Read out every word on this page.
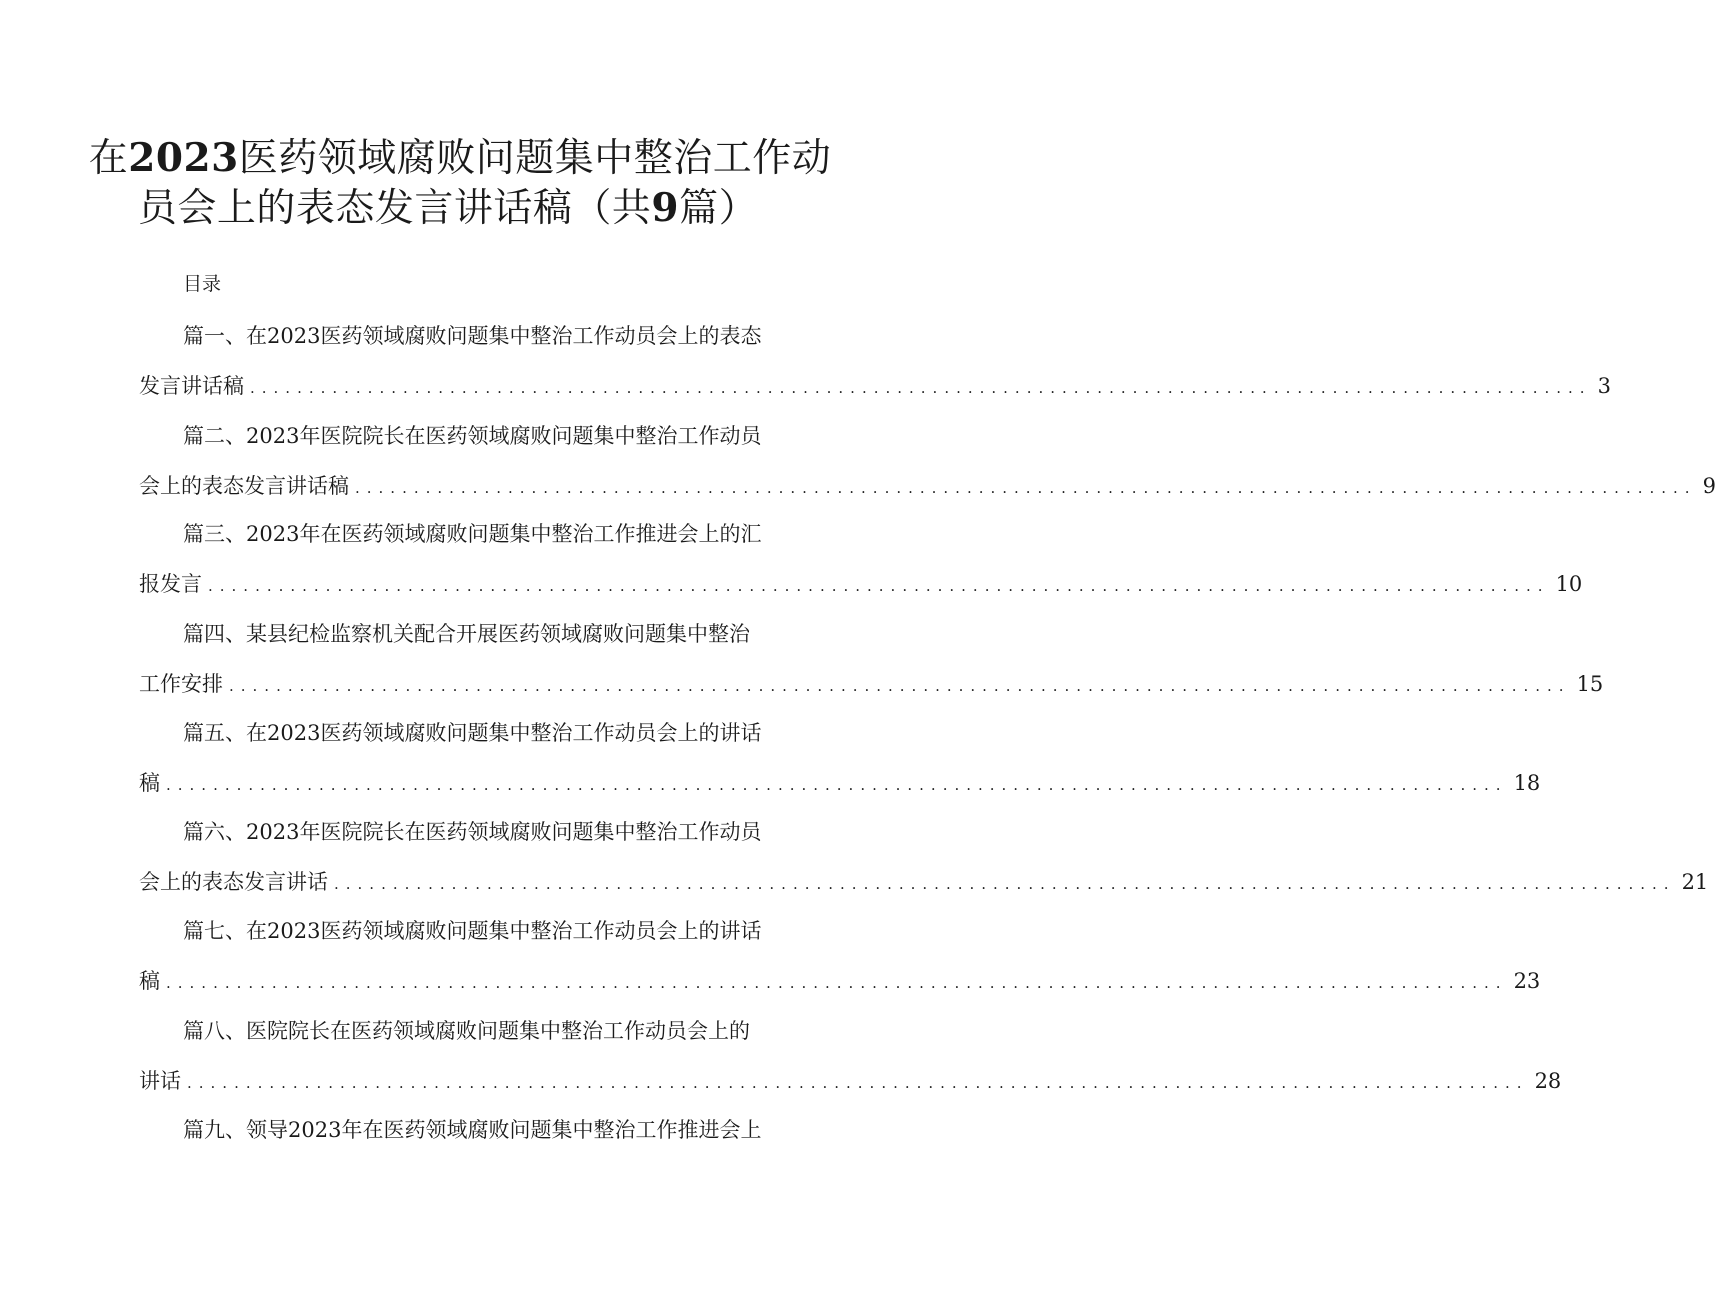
在2023医药领域腐败问题集中整治工作动
员会上的表态发言讲话稿（共9篇）
目录
篇一、在2023医药领域腐败问题集中整治工作动员会上的表态
发言讲话稿 .................................................................................................................. 3
篇二、2023年医院院长在医药领域腐败问题集中整治工作动员
会上的表态发言讲话稿 .................................................................................................................. 9
篇三、2023年在医药领域腐败问题集中整治工作推进会上的汇
报发言 .................................................................................................................. 10
篇四、某县纪检监察机关配合开展医药领域腐败问题集中整治
工作安排 .................................................................................................................. 15
篇五、在2023医药领域腐败问题集中整治工作动员会上的讲话
稿 .................................................................................................................. 18
篇六、2023年医院院长在医药领域腐败问题集中整治工作动员
会上的表态发言讲话 .................................................................................................................. 21
篇七、在2023医药领域腐败问题集中整治工作动员会上的讲话
稿 .................................................................................................................. 23
篇八、医院院长在医药领域腐败问题集中整治工作动员会上的
讲话 .................................................................................................................. 28
篇九、领导2023年在医药领域腐败问题集中整治工作推进会上
